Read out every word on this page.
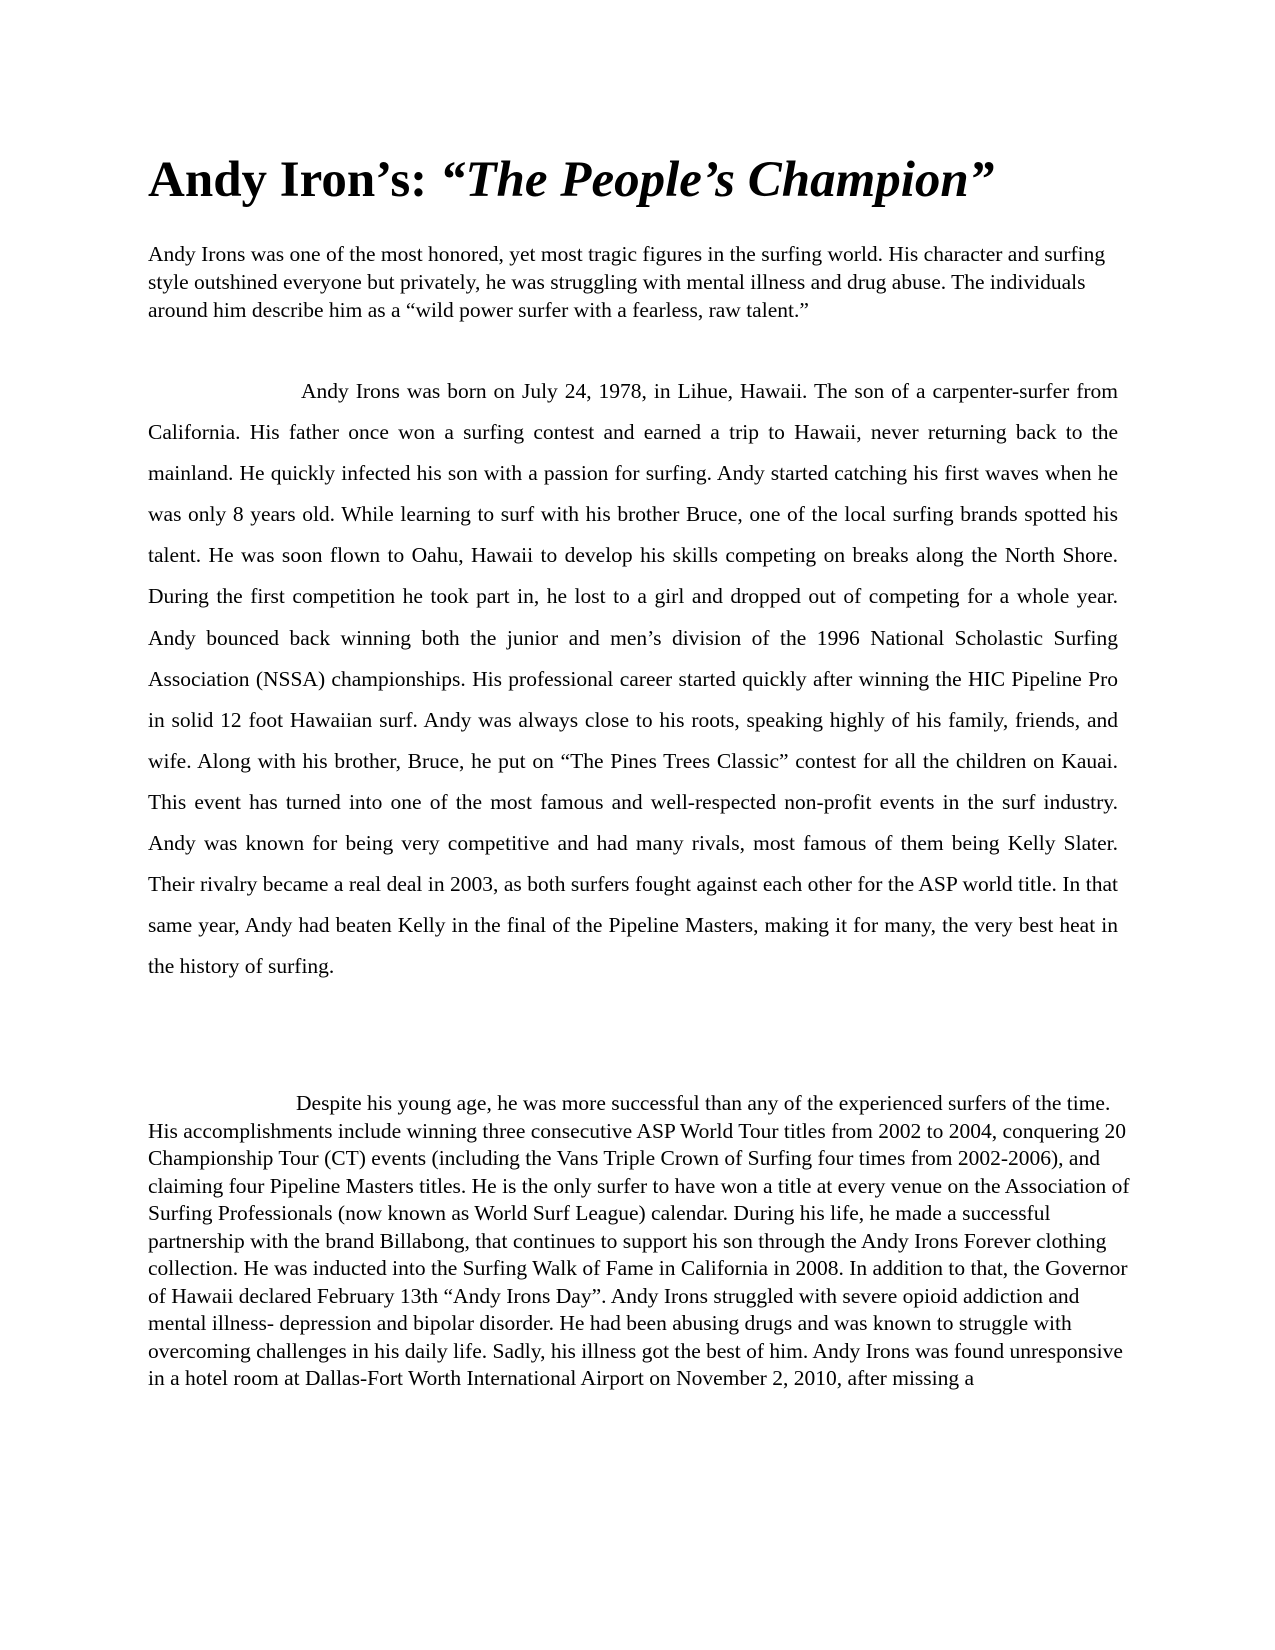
Andy Iron’s: “The People’s Champion”

Andy Irons was one of the most honored, yet most tragic figures in the surfing world. His character and surfing style outshined everyone but privately, he was struggling with mental illness and drug abuse. The individuals around him describe him as a “wild power surfer with a fearless, raw talent.”

Andy Irons was born on July 24, 1978, in Lihue, Hawaii. The son of a carpenter-surfer from California. His father once won a surfing contest and earned a trip to Hawaii, never returning back to the mainland. He quickly infected his son with a passion for surfing. Andy started catching his first waves when he was only 8 years old. While learning to surf with his brother Bruce, one of the local surfing brands spotted his talent. He was soon flown to Oahu, Hawaii to develop his skills competing on breaks along the North Shore. During the first competition he took part in, he lost to a girl and dropped out of competing for a whole year. Andy bounced back winning both the junior and men’s division of the 1996 National Scholastic Surfing Association (NSSA) championships. His professional career started quickly after winning the HIC Pipeline Pro in solid 12 foot Hawaiian surf. Andy was always close to his roots, speaking highly of his family, friends, and wife. Along with his brother, Bruce, he put on “The Pines Trees Classic” contest for all the children on Kauai. This event has turned into one of the most famous and well-respected non-profit events in the surf industry. Andy was known for being very competitive and had many rivals, most famous of them being Kelly Slater. Their rivalry became a real deal in 2003, as both surfers fought against each other for the ASP world title. In that same year, Andy had beaten Kelly in the final of the Pipeline Masters, making it for many, the very best heat in the history of surfing.

Despite his young age, he was more successful than any of the experienced surfers of the time. His accomplishments include winning three consecutive ASP World Tour titles from 2002 to 2004, conquering 20 Championship Tour (CT) events (including the Vans Triple Crown of Surfing four times from 2002-2006), and claiming four Pipeline Masters titles. He is the only surfer to have won a title at every venue on the Association of Surfing Professionals (now known as World Surf League) calendar. During his life, he made a successful partnership with the brand Billabong, that continues to support his son through the Andy Irons Forever clothing collection. He was inducted into the Surfing Walk of Fame in California in 2008. In addition to that, the Governor of Hawaii declared February 13th “Andy Irons Day”. Andy Irons struggled with severe opioid addiction and mental illness- depression and bipolar disorder. He had been abusing drugs and was known to struggle with overcoming challenges in his daily life. Sadly, his illness got the best of him. Andy Irons was found unresponsive in a hotel room at Dallas-Fort Worth International Airport on November 2, 2010, after missing a
